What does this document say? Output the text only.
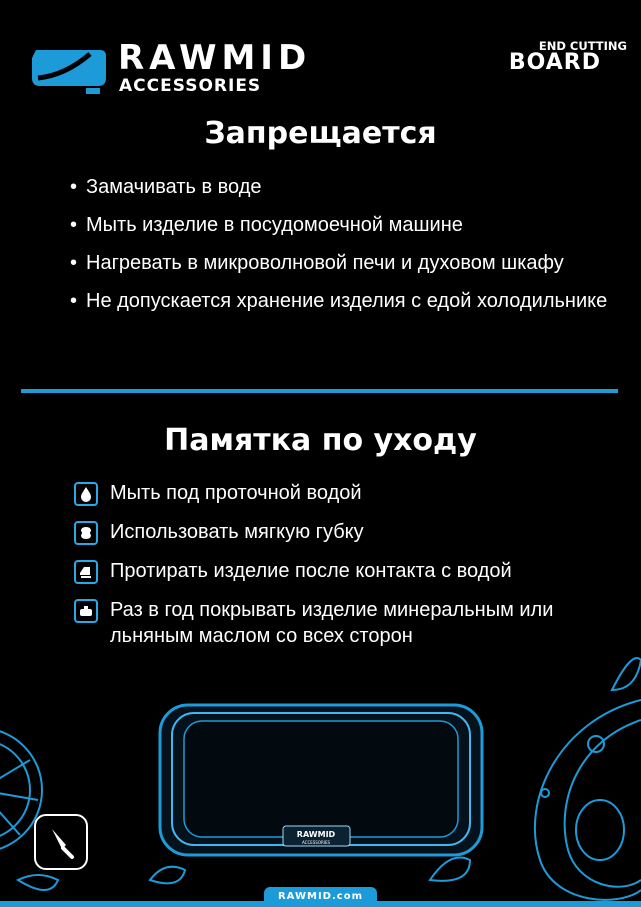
RAWMID
ACCESSORIES
RAWMID
ACCESSORIES
END CUTTING
BOARD
Запрещается
• Замачивать в воде
• Мыть изделие в посудомоечной машине
• Нагревать в микроволновой печи и духовом шкафу
• Не допускается хранение изделия с едой холодильнике
Памятка по уходу
Мыть под проточной водой
Использовать мягкую губку
Протирать изделие после контакта с водой
Раз в год покрывать изделие минеральным или льняным маслом со всех сторон
RAWMID.com
